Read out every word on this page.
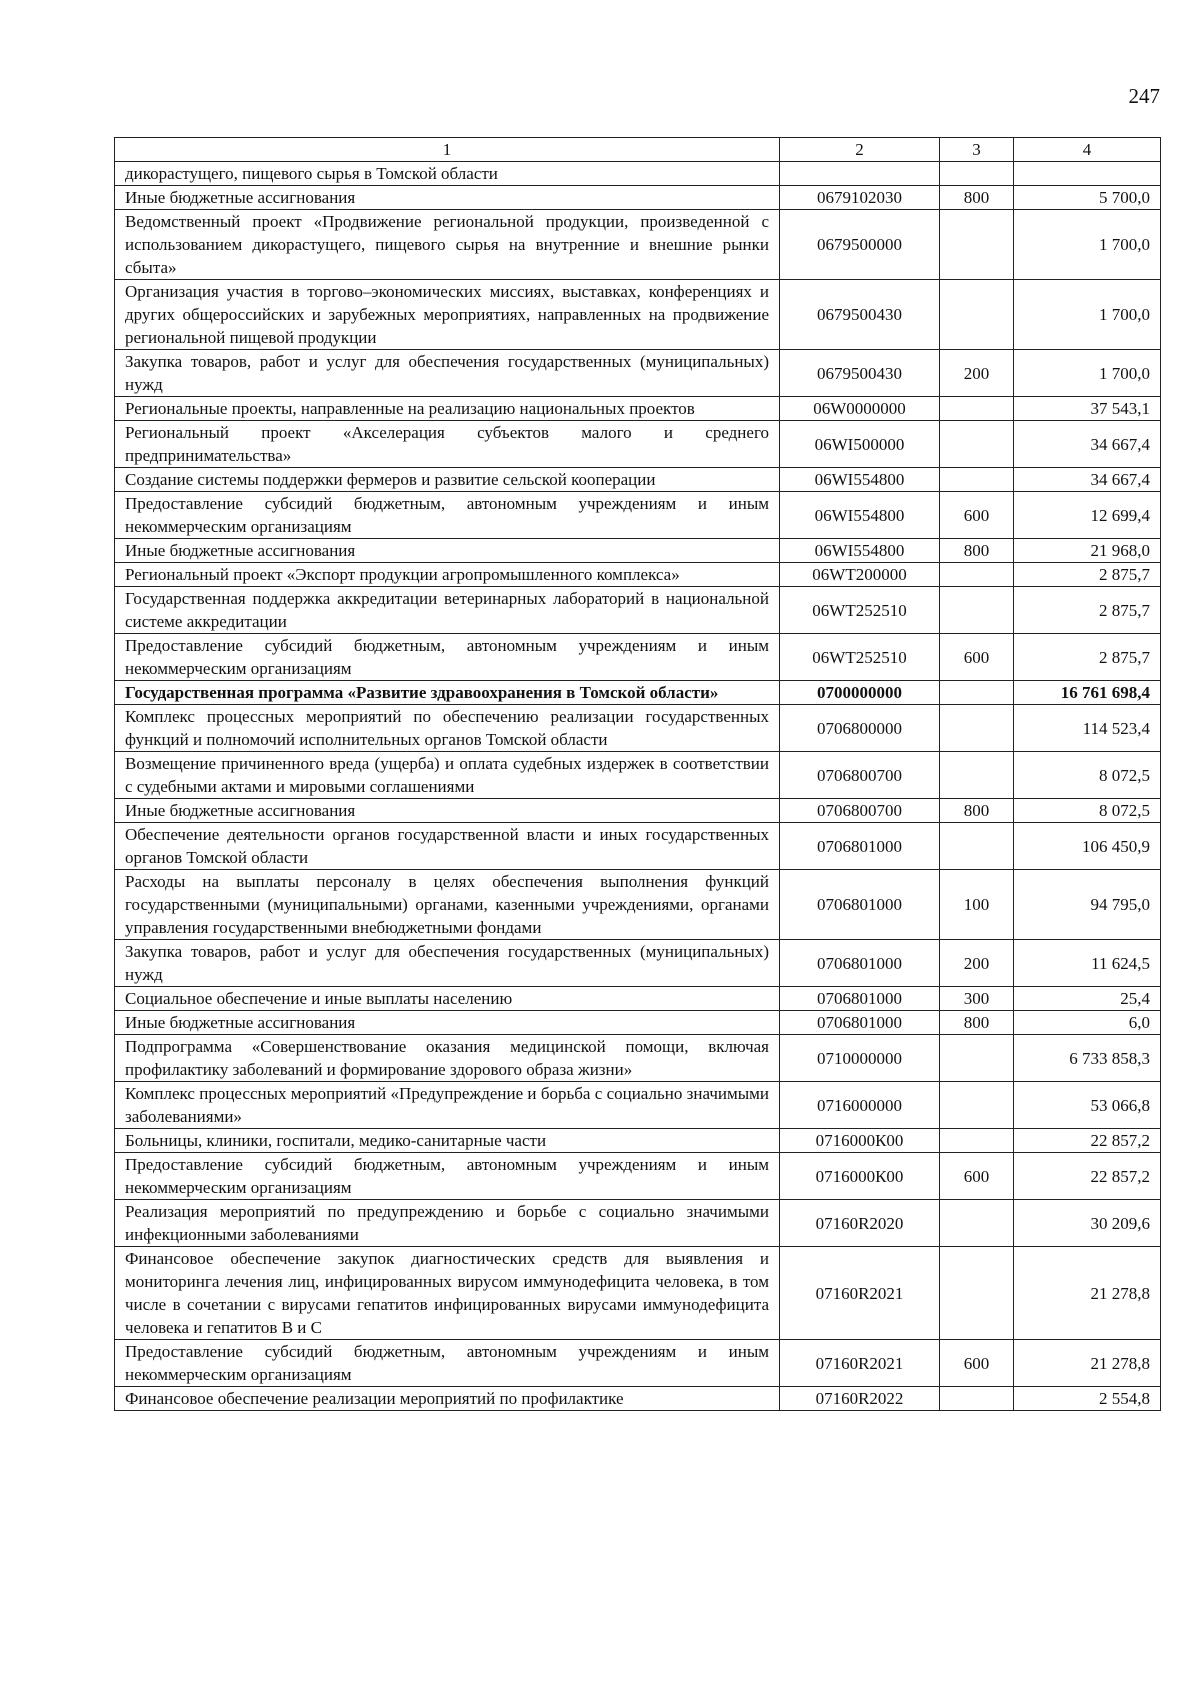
247
1	2	3	4
дикорастущего, пищевого сырья в Томской области			
Иные бюджетные ассигнования	0679102030	800	5 700,0
Ведомственный проект «Продвижение региональной продукции, произведенной с использованием дикорастущего, пищевого сырья на внутренние и внешние рынки сбыта»	0679500000		1 700,0
Организация участия в торгово–экономических миссиях, выставках, конференциях и других общероссийских и зарубежных мероприятиях, направленных на продвижение региональной пищевой продукции	0679500430		1 700,0
Закупка товаров, работ и услуг для обеспечения государственных (муниципальных) нужд	0679500430	200	1 700,0
Региональные проекты, направленные на реализацию национальных проектов	06W0000000		37 543,1
Региональный проект «Акселерация субъектов малого и среднего предпринимательства»	06WI500000		34 667,4
Создание системы поддержки фермеров и развитие сельской кооперации	06WI554800		34 667,4
Предоставление субсидий бюджетным, автономным учреждениям и иным некоммерческим организациям	06WI554800	600	12 699,4
Иные бюджетные ассигнования	06WI554800	800	21 968,0
Региональный проект «Экспорт продукции агропромышленного комплекса»	06WT200000		2 875,7
Государственная поддержка аккредитации ветеринарных лабораторий в национальной системе аккредитации	06WT252510		2 875,7
Предоставление субсидий бюджетным, автономным учреждениям и иным некоммерческим организациям	06WT252510	600	2 875,7
Государственная программа «Развитие здравоохранения в Томской области»	0700000000		16 761 698,4
Комплекс процессных мероприятий по обеспечению реализации государственных функций и полномочий исполнительных органов Томской области	0706800000		114 523,4
Возмещение причиненного вреда (ущерба) и оплата судебных издержек в соответствии с судебными актами и мировыми соглашениями	0706800700		8 072,5
Иные бюджетные ассигнования	0706800700	800	8 072,5
Обеспечение деятельности органов государственной власти и иных государственных органов Томской области	0706801000		106 450,9
Расходы на выплаты персоналу в целях обеспечения выполнения функций государственными (муниципальными) органами, казенными учреждениями, органами управления государственными внебюджетными фондами	0706801000	100	94 795,0
Закупка товаров, работ и услуг для обеспечения государственных (муниципальных) нужд	0706801000	200	11 624,5
Социальное обеспечение и иные выплаты населению	0706801000	300	25,4
Иные бюджетные ассигнования	0706801000	800	6,0
Подпрограмма «Совершенствование оказания медицинской помощи, включая профилактику заболеваний и формирование здорового образа жизни»	0710000000		6 733 858,3
Комплекс процессных мероприятий «Предупреждение и борьба с социально значимыми заболеваниями»	0716000000		53 066,8
Больницы, клиники, госпитали, медико-санитарные части	0716000К00		22 857,2
Предоставление субсидий бюджетным, автономным учреждениям и иным некоммерческим организациям	0716000К00	600	22 857,2
Реализация мероприятий по предупреждению и борьбе с социально значимыми инфекционными заболеваниями	07160R2020		30 209,6
Финансовое обеспечение закупок диагностических средств для выявления и мониторинга лечения лиц, инфицированных вирусом иммунодефицита человека, в том числе в сочетании с вирусами гепатитов инфицированных вирусами иммунодефицита человека и гепатитов В и С	07160R2021		21 278,8
Предоставление субсидий бюджетным, автономным учреждениям и иным некоммерческим организациям	07160R2021	600	21 278,8
Финансовое обеспечение реализации мероприятий по профилактике	07160R2022		2 554,8
